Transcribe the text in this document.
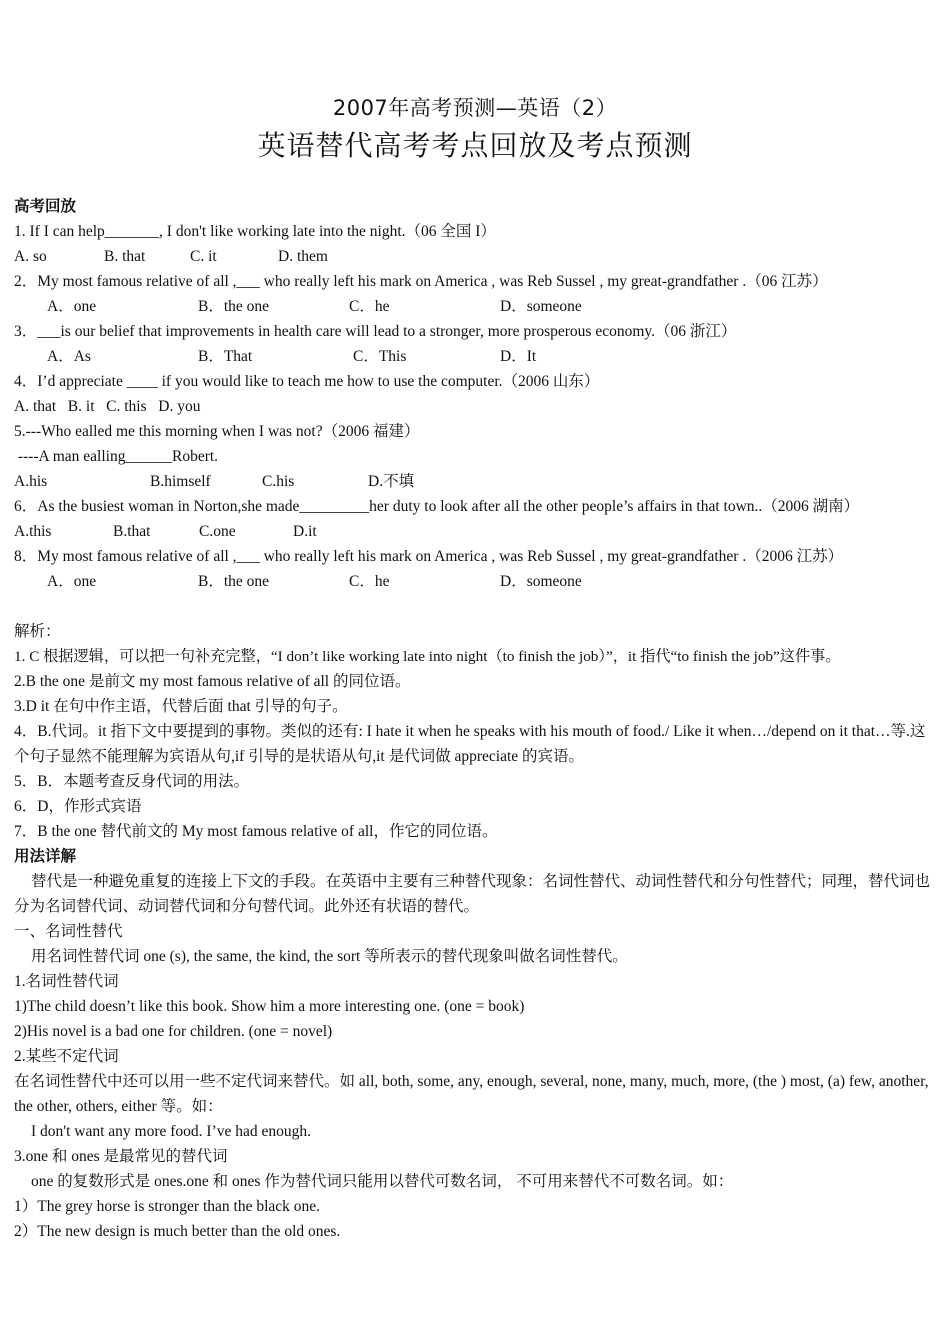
2007年高考预测—英语（2）
英语替代高考考点回放及考点预测
高考回放
1. If I can help_______, I don't like working late into the night.（06 全国 I）
A. so	B. that	C. it	D. them
2．My most famous relative of all ,___ who really left his mark on America , was Reb Sussel , my great-grandfather .（06 江苏）
A．one	B．the one	C．he	D．someone
3．___is our belief that improvements in health care will lead to a stronger, more prosperous economy.（06 浙江）
A．As	B．That	C．This	D．It
4．I’d appreciate ____ if you would like to teach me how to use the computer.（2006 山东）
A. that   B. it   C. this   D. you
5.---Who ealled me this morning when I was not?（2006 福建）
----A man ealling______Robert.
A.his	B.himself	C.his	D.不填
6．As the busiest woman in Norton,she made_________her duty to look after all the other people’s affairs in that town..（2006 湖南）
A.this	B.that	C.one	D.it
8．My most famous relative of all ,___ who really left his mark on America , was Reb Sussel , my great-grandfather .（2006 江苏）
A．one	B．the one	C．he	D．someone
解析：
1. C 根据逻辑，可以把一句补充完整，“I don’t like working late into night（to finish the job）”，it 指代“to finish the job”这件事。
2.B the one 是前文 my most famous relative of all 的同位语。
3.D it 在句中作主语，代替后面 that 引导的句子。
4．B.代词。it 指下文中要提到的事物。类似的还有: I hate it when he speaks with his mouth of food./ Like it when…/depend on it that…等.这个句子显然不能理解为宾语从句,if 引导的是状语从句,it 是代词做 appreciate 的宾语。
5．B．本题考查反身代词的用法。
6．D，作形式宾语
7．B the one 替代前文的 My most famous relative of all，作它的同位语。
用法详解
替代是一种避免重复的连接上下文的手段。在英语中主要有三种替代现象：名词性替代、动词性替代和分句性替代；同理，替代词也分为名词替代词、动词替代词和分句替代词。此外还有状语的替代。
一、名词性替代
用名词性替代词 one (s), the same, the kind, the sort 等所表示的替代现象叫做名词性替代。
1.名词性替代词
1)The child doesn’t like this book. Show him a more interesting one. (one = book)
2)His novel is a bad one for children. (one = novel)
2.某些不定代词
在名词性替代中还可以用一些不定代词来替代。如 all, both, some, any, enough, several, none, many, much, more, (the ) most, (a) few, another, the other, others, either 等。如：
I don't want any more food. I’ve had enough.
3.one 和 ones 是最常见的替代词
one 的复数形式是 ones.one 和 ones 作为替代词只能用以替代可数名词， 不可用来替代不可数名词。如：
1）The grey horse is stronger than the black one.
2）The new design is much better than the old ones.
